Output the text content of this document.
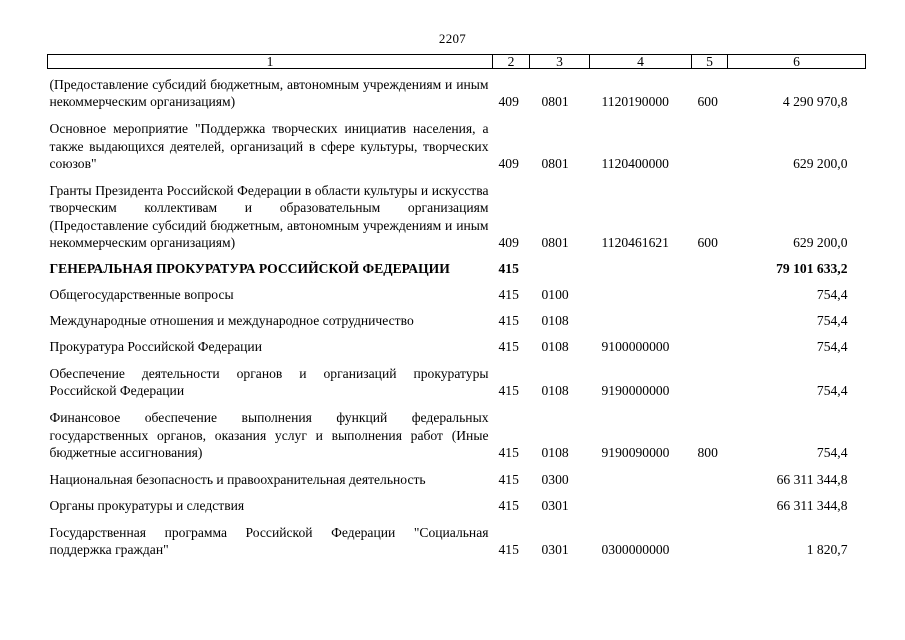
2207
1	2	3	4	5	6
(Предоставление субсидий бюджетным, автономным учреждениям и иным некоммерческим организациям)	409	0801	1120190000	600	4 290 970,8
Основное мероприятие "Поддержка творческих инициатив населения, а также выдающихся деятелей, организаций в сфере культуры, творческих союзов"	409	0801	1120400000		629 200,0
Гранты Президента Российской Федерации в области культуры и искусства творческим коллективам и образовательным организациям (Предоставление субсидий бюджетным, автономным учреждениям и иным некоммерческим организациям)	409	0801	1120461621	600	629 200,0
ГЕНЕРАЛЬНАЯ ПРОКУРАТУРА РОССИЙСКОЙ ФЕДЕРАЦИИ	415				79 101 633,2
Общегосударственные вопросы	415	0100			754,4
Международные отношения и международное сотрудничество	415	0108			754,4
Прокуратура Российской Федерации	415	0108	9100000000		754,4
Обеспечение деятельности органов и организаций прокуратуры Российской Федерации	415	0108	9190000000		754,4
Финансовое обеспечение выполнения функций федеральных государственных органов, оказания услуг и выполнения работ (Иные бюджетные ассигнования)	415	0108	9190090000	800	754,4
Национальная безопасность и правоохранительная деятельность	415	0300			66 311 344,8
Органы прокуратуры и следствия	415	0301			66 311 344,8
Государственная программа Российской Федерации "Социальная поддержка граждан"	415	0301	0300000000		1 820,7
